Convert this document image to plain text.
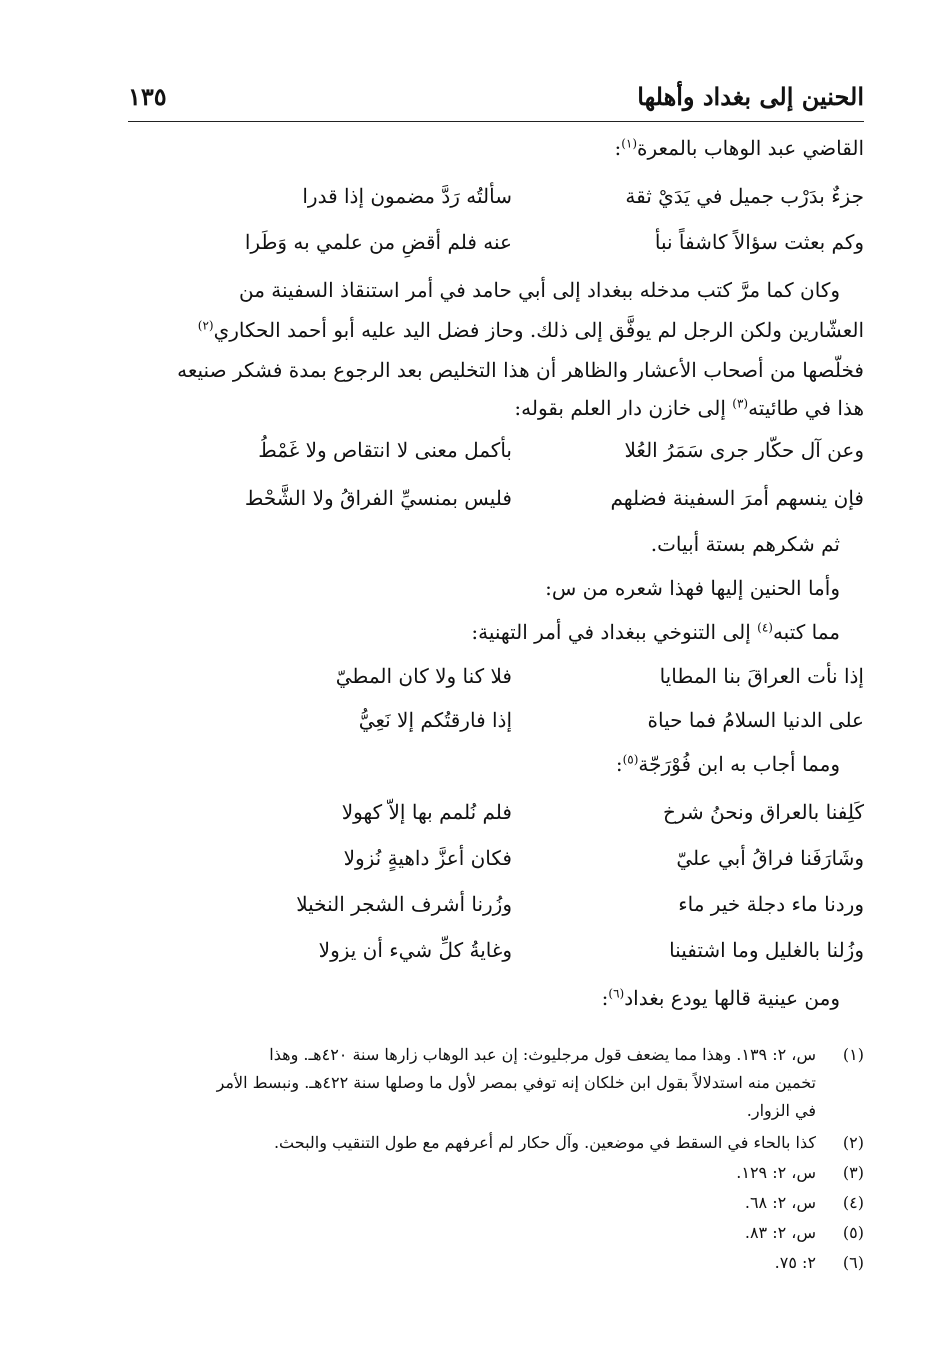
الحنين إلى بغداد وأهلها
١٣٥
القاضي عبد الوهاب بالمعرة$^{(١)}$:
جزءٌ بدَرْب جميل في يَدَيْ ثقة
سألتُه رَدَّ مضمون إذا قدرا
وكم بعثت سؤالاً كاشفاً نبأ
عنه فلم أقضِ من علمي به وَطَرا
وكان كما مرَّ كتب مدخله ببغداد إلى أبي حامد في أمر استنقاذ السفينة من
العشّارين ولكن الرجل لم يوفَّق إلى ذلك. وحاز فضل اليد عليه أبو أحمد الحكاري$^{(٢)}$
فخلّصها من أصحاب الأعشار والظاهر أن هذا التخليص بعد الرجوع بمدة فشكر صنيعه
هذا في طائيته$^{(٣)}$ إلى خازن دار العلم بقوله:
وعن آل حكّار جرى سَمَرُ العُلا
بأكمل معنى لا انتقاص ولا غَمْطُ
فإن ينسهم أمرَ السفينة فضلهم
فليس بمنسيِّ الفراقُ ولا الشَّحْط
ثم شكرهم بستة أبيات.
وأما الحنين إليها فهذا شعره من س:
مما كتبه$^{(٤)}$ إلى التنوخي ببغداد في أمر التهنية:
إذا نأت العراقَ بنا المطايا
فلا كنا ولا كان المطيّ
على الدنيا السلامُ فما حياة
إذا فارقتُكم إلا نَعِيُّ
ومما أجاب به ابن فُوْرَجّة$^{(٥)}$:
كَلِفنا بالعراق ونحنُ شرخ
فلم نُلمم بها إلاّ كهولا
وشَارَفَنا فراقُ أبي عليّ
فكان أعزَّ داهيةٍ نُزولا
وردنا ماء دجلة خير ماء
وزُرنا أشرف الشجر النخيلا
وزُلنا بالغليل وما اشتفينا
وغايةُ كلِّ شيء أن يزولا
ومن عينية قالها يودع بغداد$^{(٦)}$:
(١)
س، ٢: ١٣٩. وهذا مما يضعف قول مرجليوث: إن عبد الوهاب زارها سنة ٤٢٠هـ. وهذا
تخمين منه استدلالاً بقول ابن خلكان إنه توفي بمصر لأول ما وصلها سنة ٤٢٢هـ. ونبسط الأمر
في الزوار.
(٢)
كذا بالحاء في السقط في موضعين. وآل حكار لم أعرفهم مع طول التنقيب والبحث.
(٣)
س، ٢: ١٢٩.
(٤)
س، ٢: ٦٨.
(٥)
س، ٢: ٨٣.
(٦)
٢: ٧٥.
